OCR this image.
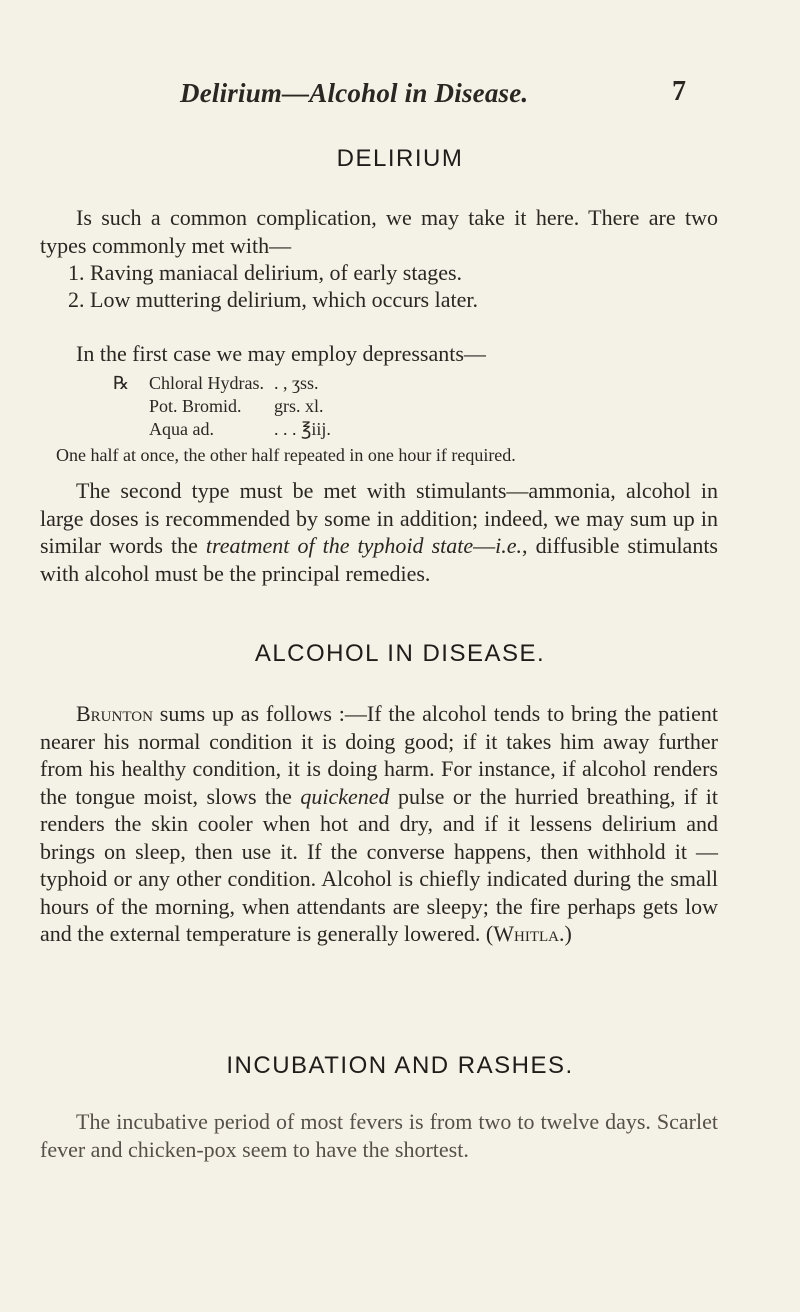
Delirium—Alcohol in Disease.	7
DELIRIUM

Is such a common complication, we may take it here. There are two types commonly met with—

1. Raving maniacal delirium, of early stages.
2. Low muttering delirium, which occurs later.

In the first case we may employ depressants—

℞	Chloral Hydras. . , ʒss.
Pot. Bromid.	grs. xl.
Aqua ad.	. . . ℥iij.
One half at once, the other half repeated in one hour if required.

The second type must be met with stimulants—ammonia, alcohol in large doses is recommended by some in addition; indeed, we may sum up in similar words the treatment of the typhoid state—i.e., diffusible stimulants with alcohol must be the principal remedies.

ALCOHOL IN DISEASE.

Brunton sums up as follows :—If the alcohol tends to bring the patient nearer his normal condition it is doing good; if it takes him away further from his healthy condition, it is doing harm. For instance, if alcohol renders the tongue moist, slows the quickened pulse or the hurried breathing, if it renders the skin cooler when hot and dry, and if it lessens delirium and brings on sleep, then use it. If the converse happens, then withhold it — typhoid or any other condition. Alcohol is chiefly indicated during the small hours of the morning, when attendants are sleepy; the fire perhaps gets low and the external temperature is generally lowered. (Whitla.)

INCUBATION AND RASHES.

The incubative period of most fevers is from two to twelve days. Scarlet fever and chicken-pox seem to have the shortest.
